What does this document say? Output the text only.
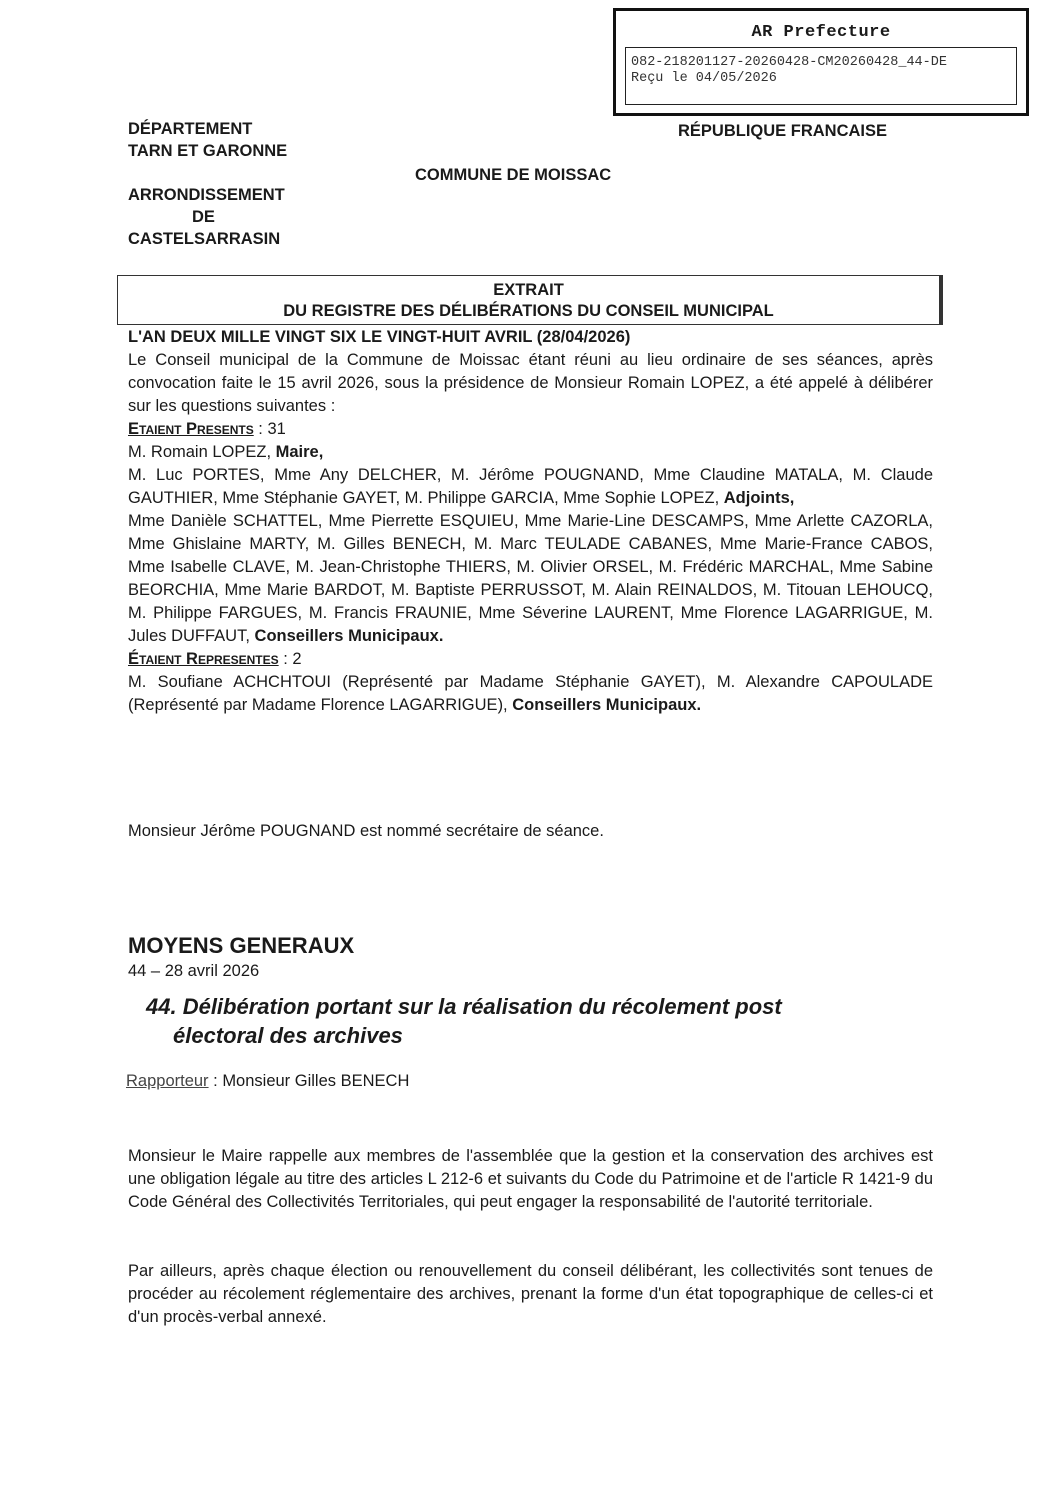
AR Prefecture
082-218201127-20260428-CM20260428_44-DE
Reçu le 04/05/2026
DÉPARTEMENT
TARN ET GARONNE
ARRONDISSEMENT
DE
CASTELSARRASIN
RÉPUBLIQUE FRANCAISE
COMMUNE DE MOISSAC
EXTRAIT
DU REGISTRE DES DÉLIBÉRATIONS DU CONSEIL MUNICIPAL
L'AN DEUX MILLE VINGT SIX LE VINGT-HUIT AVRIL (28/04/2026)
Le Conseil municipal de la Commune de Moissac étant réuni au lieu ordinaire de ses séances, après convocation faite le 15 avril 2026, sous la présidence de Monsieur Romain LOPEZ, a été appelé à délibérer sur les questions suivantes :
Etaient Presents : 31
M. Romain LOPEZ, Maire,
M. Luc PORTES, Mme Any DELCHER, M. Jérôme POUGNAND, Mme Claudine MATALA, M. Claude GAUTHIER, Mme Stéphanie GAYET, M. Philippe GARCIA, Mme Sophie LOPEZ, Adjoints,
Mme Danièle SCHATTEL, Mme Pierrette ESQUIEU, Mme Marie-Line DESCAMPS, Mme Arlette CAZORLA, Mme Ghislaine MARTY, M. Gilles BENECH, M. Marc TEULADE CABANES, Mme Marie-France CABOS, Mme Isabelle CLAVE, M. Jean-Christophe THIERS, M. Olivier ORSEL, M. Frédéric MARCHAL, Mme Sabine BEORCHIA, Mme Marie BARDOT, M. Baptiste PERRUSSOT, M. Alain REINALDOS, M. Titouan LEHOUCQ, M. Philippe FARGUES, M. Francis FRAUNIE, Mme Séverine LAURENT, Mme Florence LAGARRIGUE, M. Jules DUFFAUT, Conseillers Municipaux.
Étaient Representes : 2
M. Soufiane ACHCHTOUI (Représenté par Madame Stéphanie GAYET), M. Alexandre CAPOULADE (Représenté par Madame Florence LAGARRIGUE), Conseillers Municipaux.
Monsieur Jérôme POUGNAND est nommé secrétaire de séance.
MOYENS GENERAUX
44 – 28 avril 2026
44. Délibération portant sur la réalisation du récolement post
électoral des archives
Rapporteur : Monsieur Gilles BENECH
Monsieur le Maire rappelle aux membres de l'assemblée que la gestion et la conservation des archives est une obligation légale au titre des articles L 212-6 et suivants du Code du Patrimoine et de l'article R 1421-9 du Code Général des Collectivités Territoriales, qui peut engager la responsabilité de l'autorité territoriale.
Par ailleurs, après chaque élection ou renouvellement du conseil délibérant, les collectivités sont tenues de procéder au récolement réglementaire des archives, prenant la forme d'un état topographique de celles-ci et d'un procès-verbal annexé.
